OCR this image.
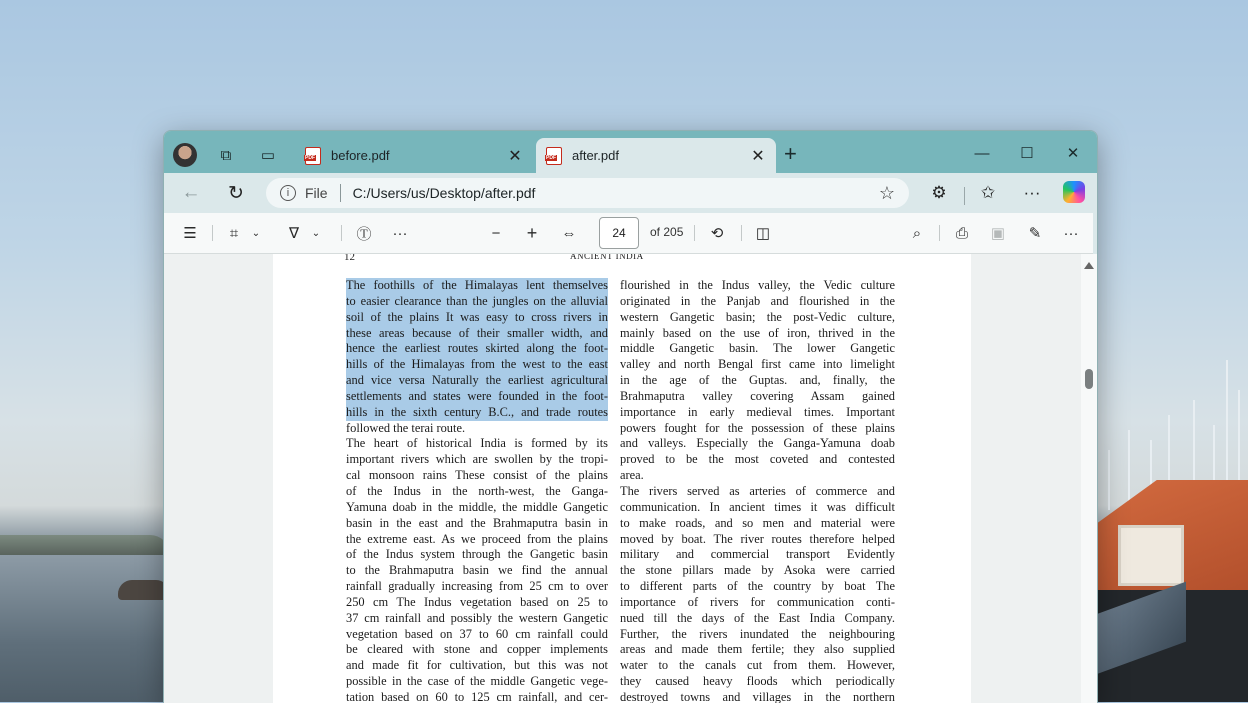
⧉	▭ PDF	before.pdf	✕ PDF	after.pdf	✕ +	—	☐	✕
←	↻	i	File C:/Users/us/Desktop/after.pdf	☆	⚙	✩	···
☰	⌗	⌄	∇	⌄ Ⓣ	···	−	+	⇔	24	of 205	⟲	◫	⌕	⎙	▣	✎	···
12	ANCIENT INDIA
The foothills of the Himalayas lent themselves
to easier clearance than the jungles on the alluvial
soil of the plains It was easy to cross rivers in
these areas because of their smaller width, and
hence the earliest routes skirted along the foot-
hills of the Himalayas from the west to the east
and vice versa Naturally the earliest agricultural
settlements and states were founded in the foot-
hills in the sixth century B.C., and trade routes
followed the terai route.
The heart of historical India is formed by its
important rivers which are swollen by the tropi-
cal monsoon rains These consist of the plains
of the Indus in the north-west, the Ganga-
Yamuna doab in the middle, the middle Gangetic
basin in the east and the Brahmaputra basin in
the extreme east. As we proceed from the plains
of the Indus system through the Gangetic basin
to the Brahmaputra basin we find the annual
rainfall gradually increasing from 25 cm to over
250 cm The Indus vegetation based on 25 to
37 cm rainfall and possibly the western Gangetic
vegetation based on 37 to 60 cm rainfall could
be cleared with stone and copper implements
and made fit for cultivation, but this was not
possible in the case of the middle Gangetic vege-
tation based on 60 to 125 cm rainfall, and cer-
flourished in the Indus valley, the Vedic culture
originated in the Panjab and flourished in the
western Gangetic basin; the post-Vedic culture,
mainly based on the use of iron, thrived in the
middle Gangetic basin. The lower Gangetic
valley and north Bengal first came into limelight
in the age of the Guptas. and, finally, the
Brahmaputra valley covering Assam gained
importance in early medieval times. Important
powers fought for the possession of these plains
and valleys. Especially the Ganga-Yamuna doab
proved to be the most coveted and contested
area.
The rivers served as arteries of commerce and
communication. In ancient times it was difficult
to make roads, and so men and material were
moved by boat. The river routes therefore helped
military and commercial transport Evidently
the stone pillars made by Asoka were carried
to different parts of the country by boat The
importance of rivers for communication conti-
nued till the days of the East India Company.
Further, the rivers inundated the neighbouring
areas and made them fertile; they also supplied
water to the canals cut from them. However,
they caused heavy floods which periodically
destroyed towns and villages in the northern
